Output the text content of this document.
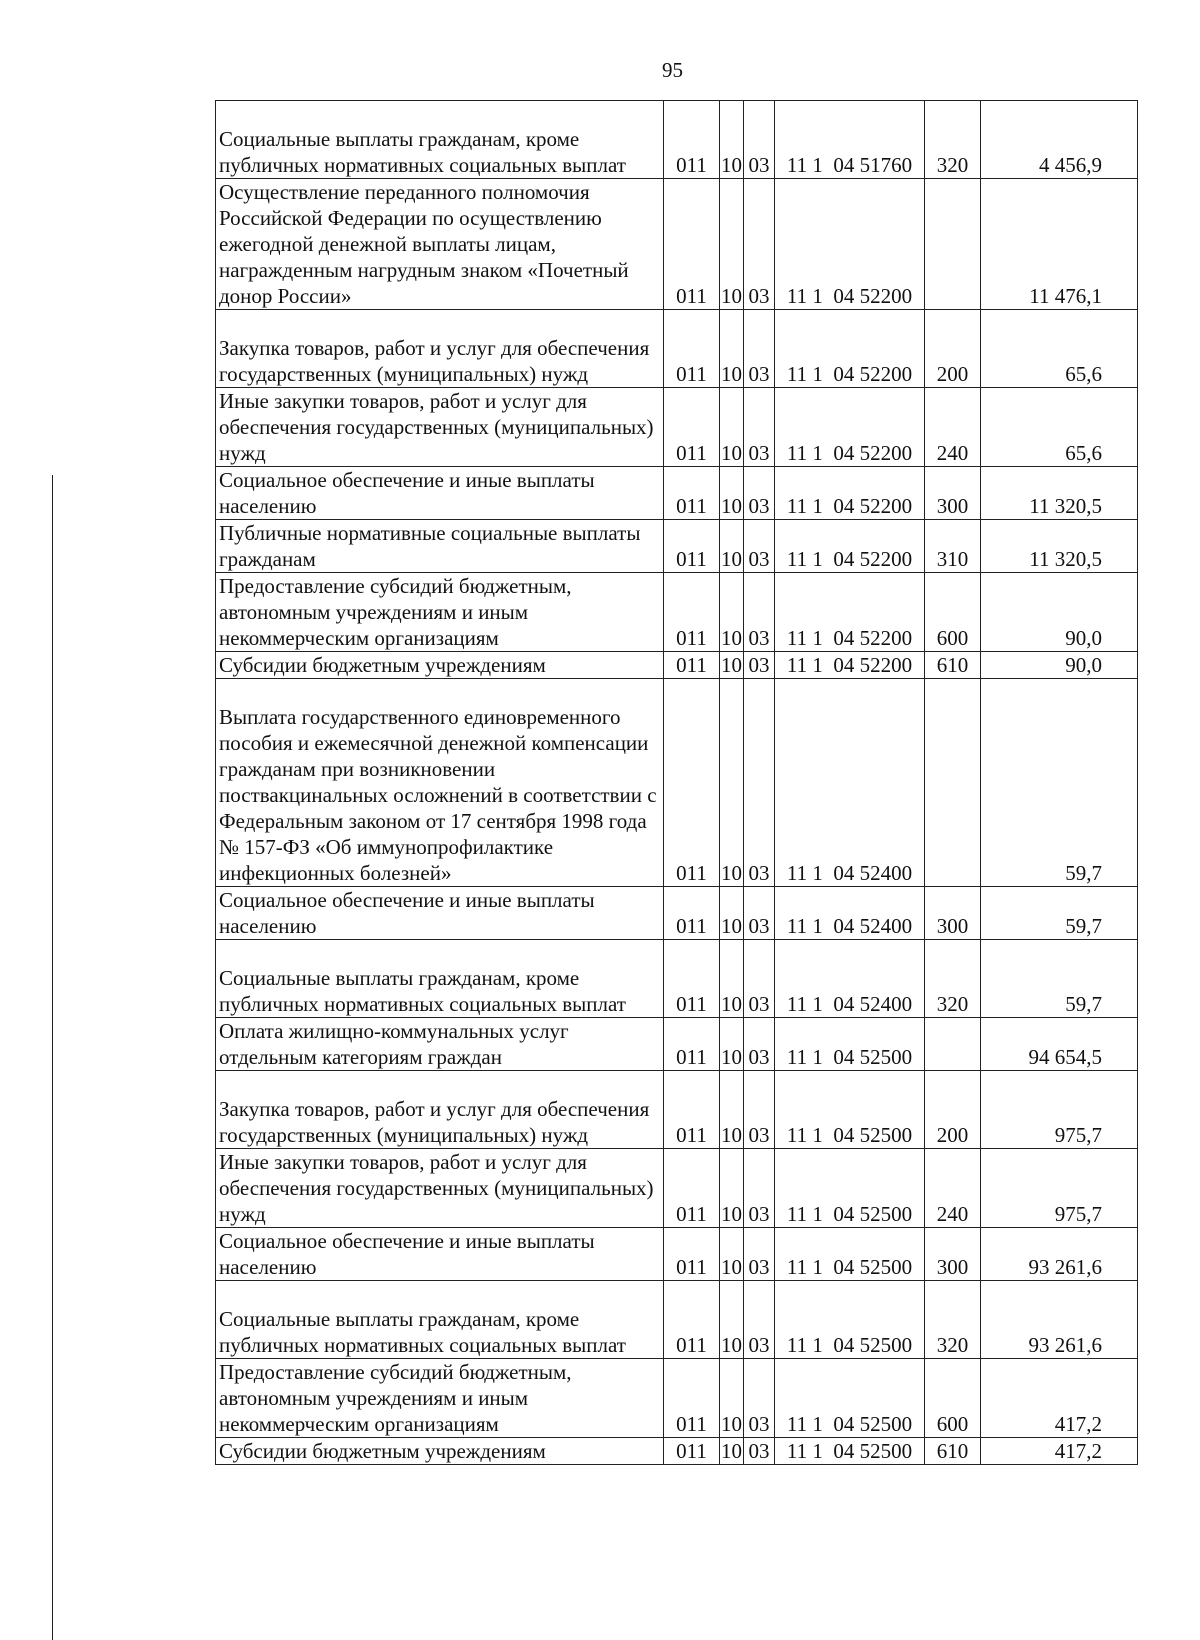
95
Социальные выплаты гражданам, кроме публичных нормативных социальных выплат	011	10	03	11 1 04 51760	320	4 456,9
Осуществление переданного полномочия Российской Федерации по осуществлению ежегодной денежной выплаты лицам, награжденным нагрудным знаком «Почетный донор России»	011	10	03	11 1 04 52200		11 476,1
Закупка товаров, работ и услуг для обеспечения государственных (муниципальных) нужд	011	10	03	11 1 04 52200	200	65,6
Иные закупки товаров, работ и услуг для обеспечения государственных (муниципальных) нужд	011	10	03	11 1 04 52200	240	65,6
Социальное обеспечение и иные выплаты населению	011	10	03	11 1 04 52200	300	11 320,5
Публичные нормативные социальные выплаты гражданам	011	10	03	11 1 04 52200	310	11 320,5
Предоставление субсидий бюджетным, автономным учреждениям и иным некоммерческим организациям	011	10	03	11 1 04 52200	600	90,0
Субсидии бюджетным учреждениям	011	10	03	11 1 04 52200	610	90,0
Выплата государственного единовременного пособия и ежемесячной денежной компенсации гражданам при возникновении поствакцинальных осложнений в соответствии с Федеральным законом от 17 сентября 1998 года № 157-ФЗ «Об иммунопрофилактике инфекционных болезней»	011	10	03	11 1 04 52400		59,7
Социальное обеспечение и иные выплаты населению	011	10	03	11 1 04 52400	300	59,7
Социальные выплаты гражданам, кроме публичных нормативных социальных выплат	011	10	03	11 1 04 52400	320	59,7
Оплата жилищно-коммунальных услуг отдельным категориям граждан	011	10	03	11 1 04 52500		94 654,5
Закупка товаров, работ и услуг для обеспечения государственных (муниципальных) нужд	011	10	03	11 1 04 52500	200	975,7
Иные закупки товаров, работ и услуг для обеспечения государственных (муниципальных) нужд	011	10	03	11 1 04 52500	240	975,7
Социальное обеспечение и иные выплаты населению	011	10	03	11 1 04 52500	300	93 261,6
Социальные выплаты гражданам, кроме публичных нормативных социальных выплат	011	10	03	11 1 04 52500	320	93 261,6
Предоставление субсидий бюджетным, автономным учреждениям и иным некоммерческим организациям	011	10	03	11 1 04 52500	600	417,2
Субсидии бюджетным учреждениям	011	10	03	11 1 04 52500	610	417,2
